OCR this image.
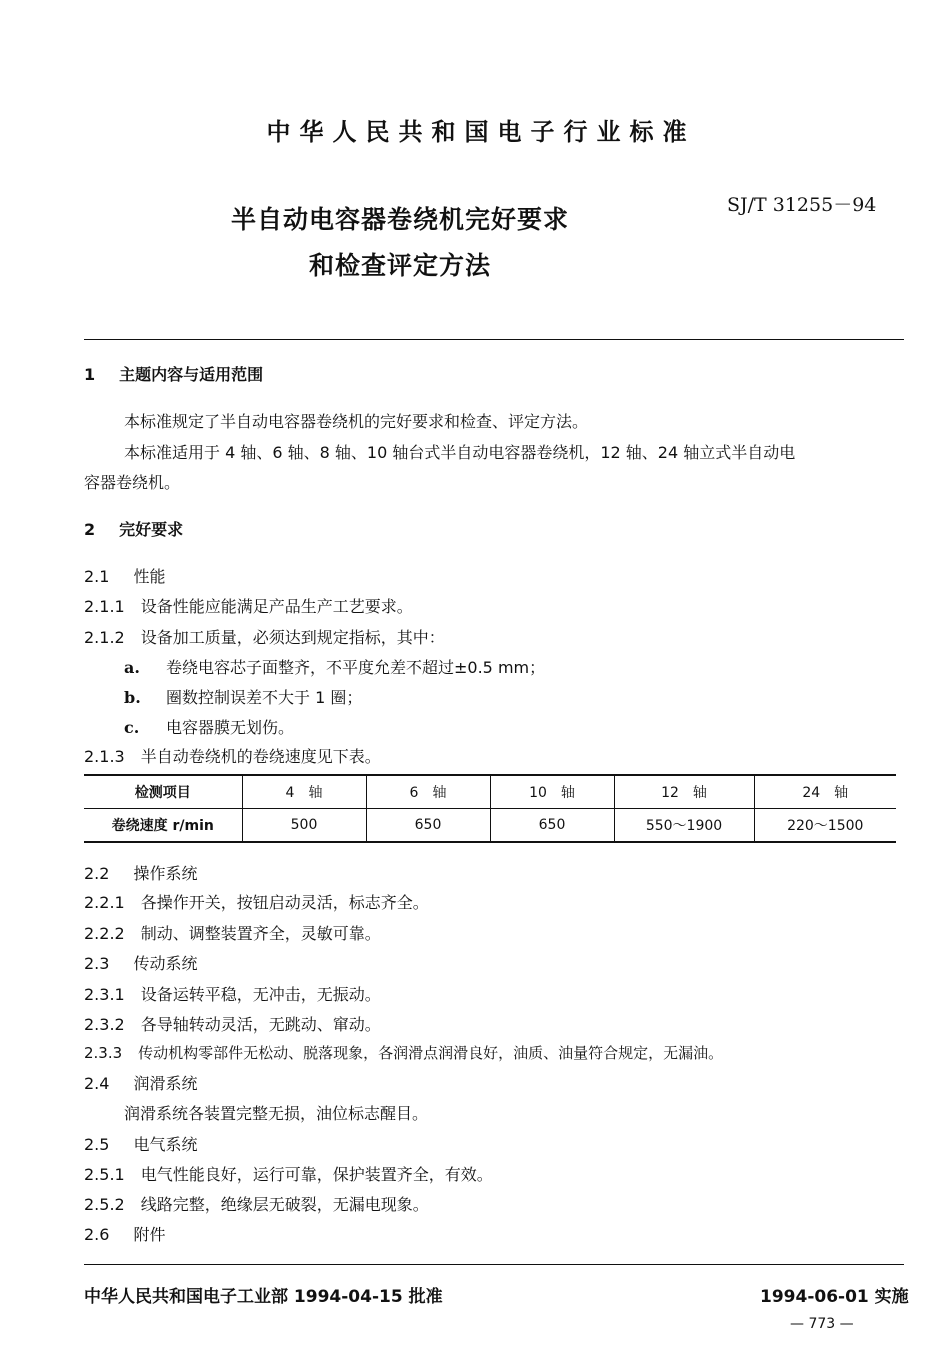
中华人民共和国电子行业标准
SJ/T 31255－94
半自动电容器卷绕机完好要求
和检查评定方法
1 主题内容与适用范围
本标准规定了半自动电容器卷绕机的完好要求和检查、评定方法。
本标准适用于 4 轴、6 轴、8 轴、10 轴台式半自动电容器卷绕机，12 轴、24 轴立式半自动电
容器卷绕机。
2 完好要求
2.1 性能
2.1.1 设备性能应能满足产品生产工艺要求。
2.1.2 设备加工质量，必须达到规定指标，其中：
a. 卷绕电容芯子面整齐，不平度允差不超过±0.5 mm；
b. 圈数控制误差不大于 1 圈；
c. 电容器膜无划伤。
2.1.3 半自动卷绕机的卷绕速度见下表。
检测项目	4　轴	6　轴	10　轴	12　轴	24　轴
卷绕速度 r/min	500	650	650	550～1900	220～1500
2.2 操作系统
2.2.1 各操作开关，按钮启动灵活，标志齐全。
2.2.2 制动、调整装置齐全，灵敏可靠。
2.3 传动系统
2.3.1 设备运转平稳，无冲击，无振动。
2.3.2 各导轴转动灵活，无跳动、窜动。
2.3.3 传动机构零部件无松动、脱落现象，各润滑点润滑良好，油质、油量符合规定，无漏油。
2.4 润滑系统
润滑系统各装置完整无损，油位标志醒目。
2.5 电气系统
2.5.1 电气性能良好，运行可靠，保护装置齐全，有效。
2.5.2 线路完整，绝缘层无破裂，无漏电现象。
2.6 附件
中华人民共和国电子工业部 1994-04-15 批准	1994-06-01 实施
— 773 —
